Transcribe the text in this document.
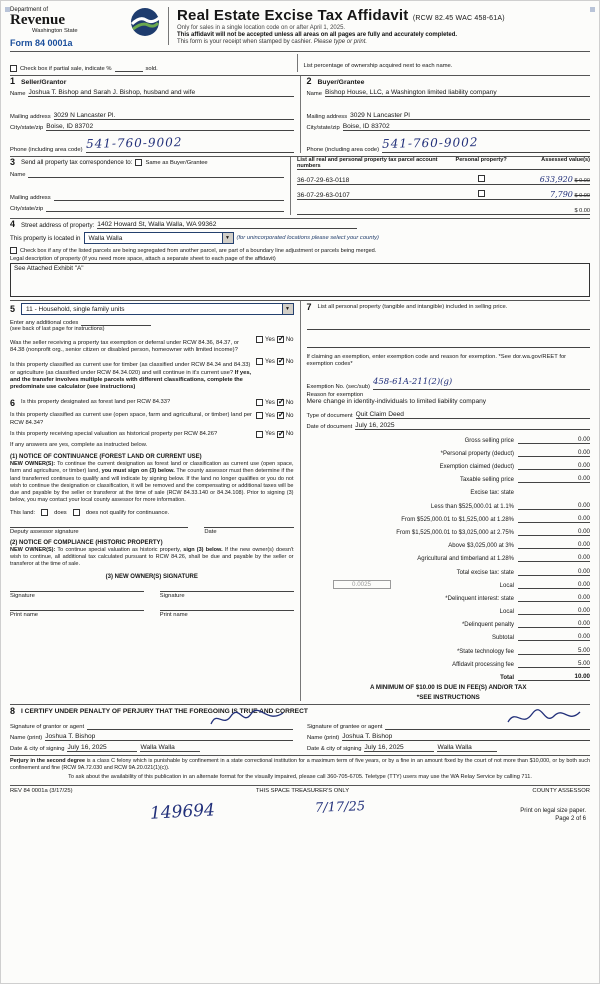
Department of
Revenue
Washington State
Form 84 0001a
Real Estate Excise Tax Affidavit (RCW 82.45 WAC 458-61A)
Only for sales in a single location code on or after April 1, 2025.
This affidavit will not be accepted unless all areas on all pages are fully and accurately completed.
This form is your receipt when stamped by cashier. Please type or print.
Check box if partial sale, indicate %	sold.	List percentage of ownership acquired next to each name.
1 Seller/Grantor
Name Joshua T. Bishop and Sarah J. Bishop, husband and wife
Mailing address 3029 N Lancaster Pl.
City/state/zip Boise, ID 83702
Phone (including area code) 541-760-9002
2 Buyer/Grantee
Name Bishop House, LLC, a Washington limited liability company
Mailing address 3029 N Lancaster Pl
City/state/zip Boise, ID 83702
Phone (including area code) 541-760-9002
3 Send all property tax correspondence to: Same as Buyer/Grantee
Name
Mailing address
City/state/zip
List all real and personal property tax parcel account numbers
Personal property?	Assessed value(s)
36-07-29-63-0118	633,920 $ 0.00
36-07-29-63-0107	7,790 $ 0.00
$ 0.00
4 Street address of property: 1402 Howard St, Walla Walla, WA 99362
This property is located in	Walla Walla	▼	(for unincorporated locations please select your county)
Check box if any of the listed parcels are being segregated from another parcel, are part of a boundary line adjustment or parcels being merged.
Legal description of property (if you need more space, attach a separate sheet to each page of the affidavit)
See Attached Exhibit "A"
5	11 - Household, single family units	▼
Enter any additional codes
(see back of last page for instructions)
Was the seller receiving a property tax exemption or deferral under RCW 84.36, 84.37, or 84.38 (nonprofit org., senior citizen or disabled person, homeowner with limited income)?
Yes ✓ No
Is this property classified as current use for timber (as classified under RCW 84.34 and 84.33) or agriculture (as classified under RCW 84.34.020) and will continue in it's current use? If yes, and the transfer involves multiple parcels with different classifications, complete the predominate use calculator (see instructions)
Yes ✓ No
6 Is this property designated as forest land per RCW 84.33?	Yes ✓ No
Is this property classified as current use (open space, farm and agricultural, or timber) land per RCW 84.34?
Yes ✓ No
Is this property receiving special valuation as historical property per RCW 84.26?	Yes ✓ No
If any answers are yes, complete as instructed below.
(1) NOTICE OF CONTINUANCE (FOREST LAND OR CURRENT USE)
NEW OWNER(S): To continue the current designation as forest land or classification as current use (open space, farm and agriculture, or timber) land, you must sign on (3) below. The county assessor must then determine if the land transferred continues to qualify and will indicate by signing below. If the land no longer qualifies or you do not wish to continue the designation or classification, it will be removed and the compensating or additional taxes will be due and payable by the seller or transferor at the time of sale (RCW 84.33.140 or 84.34.108). Prior to signing (3) below, you may contact your local county assessor for more information.
This land:	does	does not qualify for continuance.
Deputy assessor signature	Date
(2) NOTICE OF COMPLIANCE (HISTORIC PROPERTY)
NEW OWNER(S): To continue special valuation as historic property, sign (3) below. If the new owner(s) doesn't wish to continue, all additional tax calculated pursuant to RCW 84.26, shall be due and payable by the seller or transferor at the time of sale.
(3) NEW OWNER(S) SIGNATURE
Signature	Signature
Print name	Print name
7 List all personal property (tangible and intangible) included in selling price.
If claiming an exemption, enter exemption code and reason for exemption. *See dor.wa.gov/REET for exemption codes*
Exemption No. (sec/sub) 458-61A-211(2)(g)
Reason for exemption
Mere change in identity-individuals to limited liability company
Type of document Quit Claim Deed
Date of document July 16, 2025
Gross selling price	0.00
*Personal property (deduct)	0.00
Exemption claimed (deduct)	0.00
Taxable selling price	0.00
Excise tax: state
Less than $525,000.01 at 1.1%	0.00
From $525,000.01 to $1,525,000 at 1.28%	0.00
From $1,525,000.01 to $3,025,000 at 2.75%	0.00
Above $3,025,000 at 3%	0.00
Agricultural and timberland at 1.28%	0.00
Total excise tax: state	0.00
0.0025	Local	0.00
*Delinquent interest: state	0.00
Local	0.00
*Delinquent penalty	0.00
Subtotal	0.00
*State technology fee	5.00
Affidavit processing fee	5.00
Total	10.00
A MINIMUM OF $10.00 IS DUE IN FEE(S) AND/OR TAX
*SEE INSTRUCTIONS
8 I CERTIFY UNDER PENALTY OF PERJURY THAT THE FOREGOING IS TRUE AND CORRECT
Signature of grantor or agent
Name (print) Joshua T. Bishop
Date & city of signing July 16, 2025	Walla Walla
Signature of grantee or agent
Name (print) Joshua T. Bishop
Date & city of signing July 16, 2025	Walla Walla
Perjury in the second degree is a class C felony which is punishable by confinement in a state correctional institution for a maximum term of five years, or by a fine in an amount fixed by the court of not more than $10,000, or by both such confinement and fine (RCW 9A.72.030 and RCW 9A.20.021(1)(c)).
To ask about the availability of this publication in an alternate format for the visually impaired, please call 360-705-6705. Teletype (TTY) users may use the WA Relay Service by calling 711.
REV 84 0001a (3/17/25)	THIS SPACE TREASURER'S ONLY	COUNTY ASSESSOR
149694	7/17/25	Print on legal size paper.
Page 2 of 6
